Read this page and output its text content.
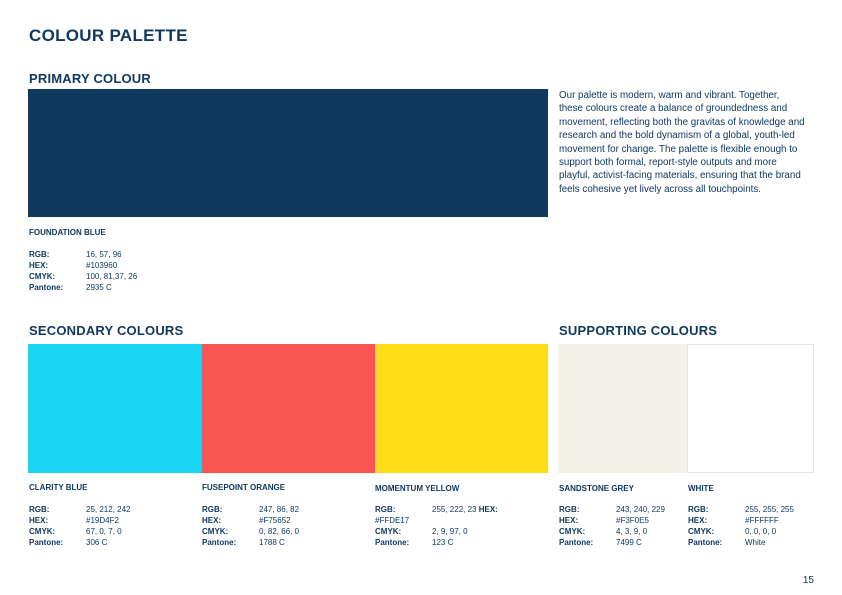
COLOUR PALETTE
PRIMARY COLOUR
FOUNDATION BLUE
RGB:	16, 57, 96
HEX:	#103960
CMYK:	100, 81,37, 26
Pantone:	2935 C

Our palette is modern, warm and vibrant. Together, these colours create a balance of groundedness and movement, reflecting both the gravitas of knowledge and research and the bold dynamism of a global, youth-led movement for change. The palette is flexible enough to support both formal, report-style outputs and more playful, activist-facing materials, ensuring that the brand feels cohesive yet lively across all touchpoints.

SECONDARY COLOURS
CLARITY BLUE
RGB:	25, 212, 242
HEX:	#19D4F2
CMYK:	67, 0, 7, 0
Pantone:	306 C
FUSEPOINT ORANGE
RGB:	247, 86, 82
HEX:	#F75652
CMYK:	0, 82, 66, 0
Pantone:	1788 C
MOMENTUM YELLOW
RGB:	255, 222, 23
HEX:
#FFDE17
CMYK:	2, 9, 97, 0
Pantone:	123 C
SUPPORTING COLOURS
SANDSTONE GREY
RGB:	243, 240, 229
HEX:	#F3F0E5
CMYK:	4, 3, 9, 0
Pantone:	7499 C
WHITE
RGB:	255, 255, 255
HEX:	#FFFFFF
CMYK:	0, 0, 0, 0
Pantone:	White
15
